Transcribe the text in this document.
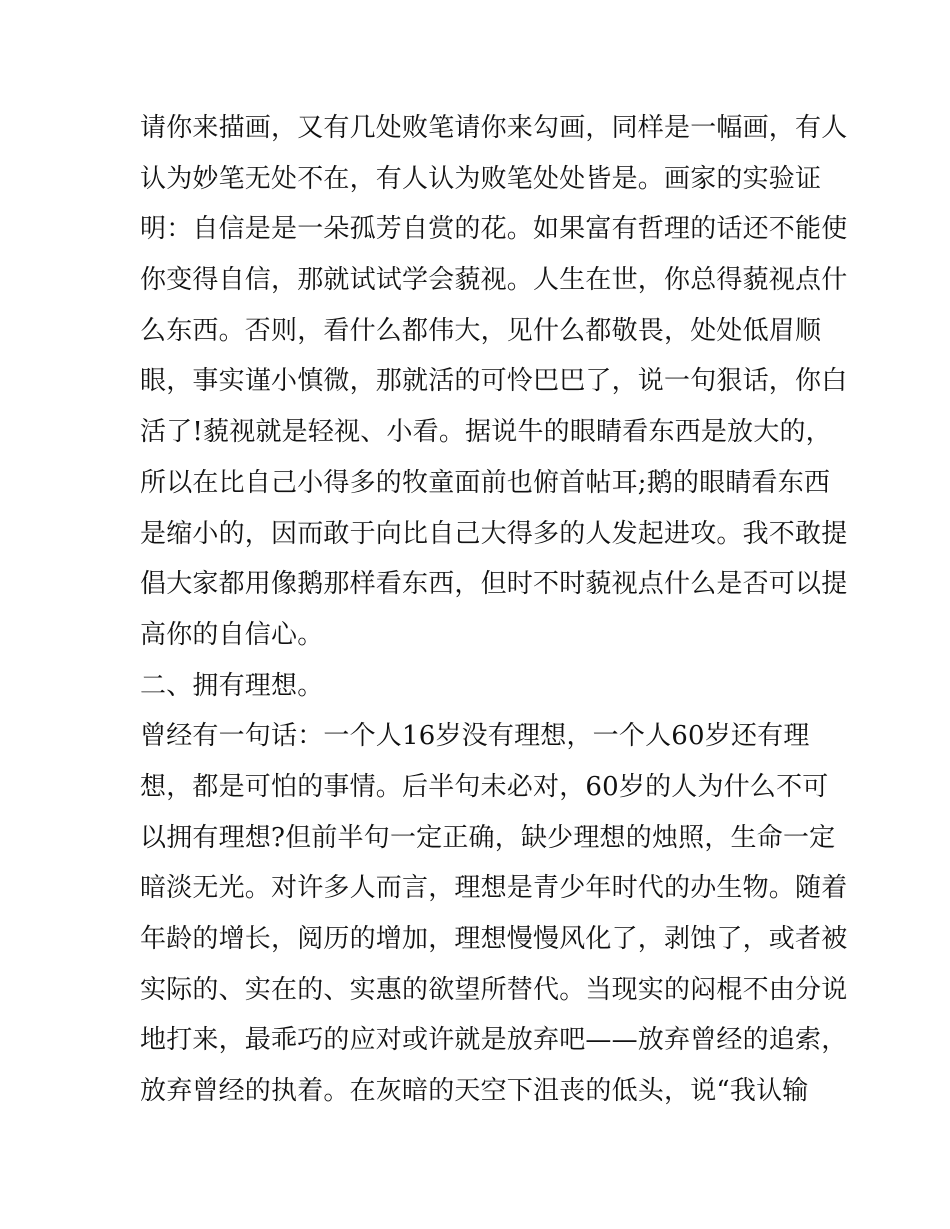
请你来描画，又有几处败笔请你来勾画，同样是一幅画，有人
认为妙笔无处不在，有人认为败笔处处皆是。画家的实验证
明：自信是是一朵孤芳自赏的花。如果富有哲理的话还不能使
你变得自信，那就试试学会藐视。人生在世，你总得藐视点什
么东西。否则，看什么都伟大，见什么都敬畏，处处低眉顺
眼，事实谨小慎微，那就活的可怜巴巴了，说一句狠话，你白
活了!藐视就是轻视、小看。据说牛的眼睛看东西是放大的，
所以在比自己小得多的牧童面前也俯首帖耳;鹅的眼睛看东西
是缩小的，因而敢于向比自己大得多的人发起进攻。我不敢提
倡大家都用像鹅那样看东西，但时不时藐视点什么是否可以提
高你的自信心。
二、拥有理想。
曾经有一句话：一个人16岁没有理想，一个人60岁还有理
想，都是可怕的事情。后半句未必对，60岁的人为什么不可
以拥有理想?但前半句一定正确，缺少理想的烛照，生命一定
暗淡无光。对许多人而言，理想是青少年时代的办生物。随着
年龄的增长，阅历的增加，理想慢慢风化了，剥蚀了，或者被
实际的、实在的、实惠的欲望所替代。当现实的闷棍不由分说
地打来，最乖巧的应对或许就是放弃吧——放弃曾经的追索，
放弃曾经的执着。在灰暗的天空下沮丧的低头，说“我认输
